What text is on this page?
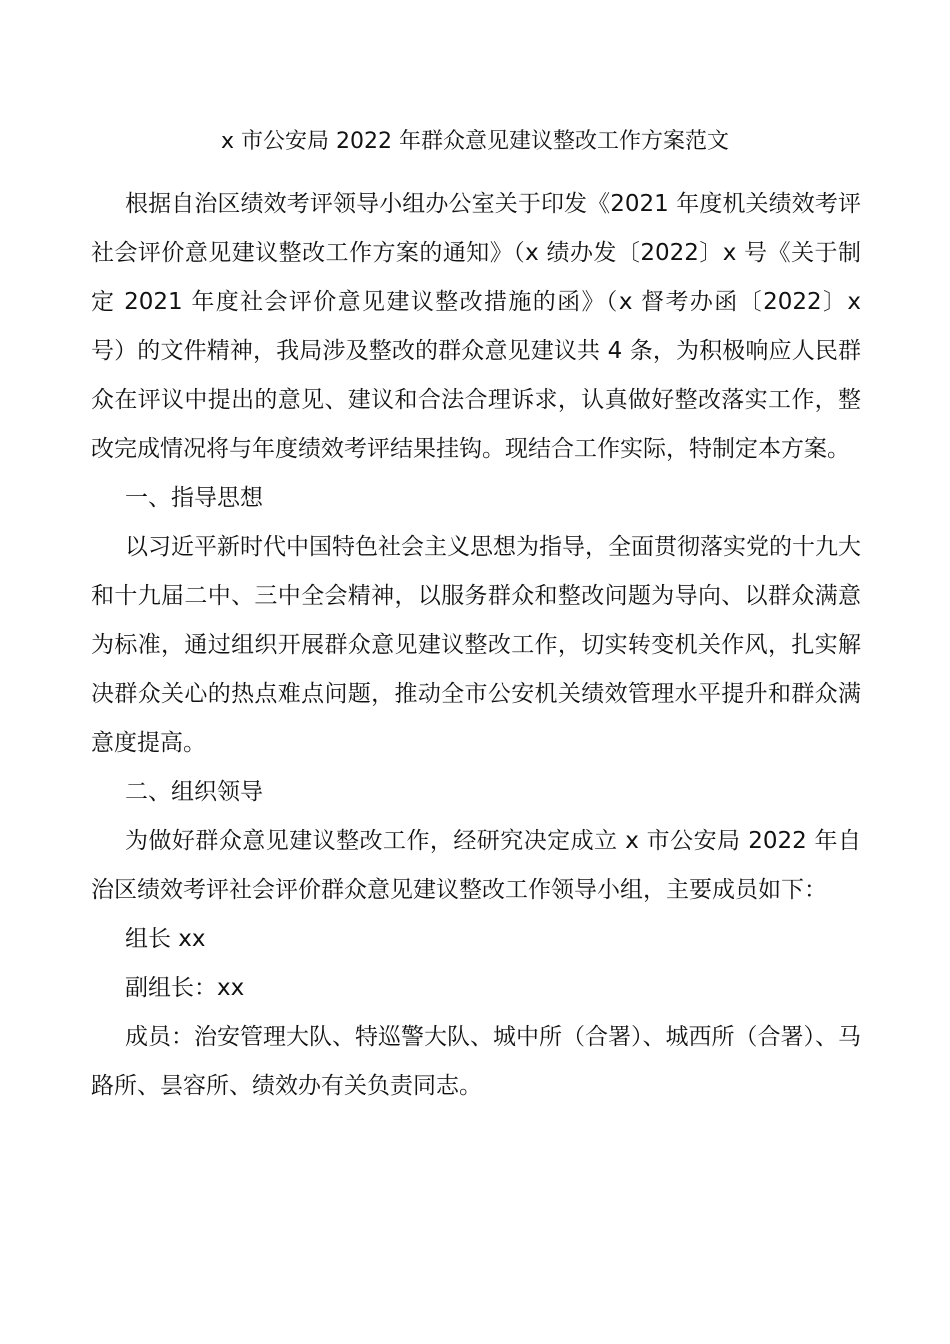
x 市公安局 2022 年群众意见建议整改工作方案范文

根据自治区绩效考评领导小组办公室关于印发《2021 年度机关绩效考评社会评价意见建议整改工作方案的通知》（x 绩办发〔2022〕x 号《关于制定 2021 年度社会评价意见建议整改措施的函》（x 督考办函〔2022〕x 号）的文件精神，我局涉及整改的群众意见建议共 4 条，为积极响应人民群众在评议中提出的意见、建议和合法合理诉求，认真做好整改落实工作，整改完成情况将与年度绩效考评结果挂钩。现结合工作实际，特制定本方案。

一、指导思想

以习近平新时代中国特色社会主义思想为指导，全面贯彻落实党的十九大和十九届二中、三中全会精神，以服务群众和整改问题为导向、以群众满意为标准，通过组织开展群众意见建议整改工作，切实转变机关作风，扎实解决群众关心的热点难点问题，推动全市公安机关绩效管理水平提升和群众满意度提高。

二、组织领导

为做好群众意见建议整改工作，经研究决定成立 x 市公安局 2022 年自治区绩效考评社会评价群众意见建议整改工作领导小组，主要成员如下：

组长 xx

副组长：xx

成员：治安管理大队、特巡警大队、城中所（合署）、城西所（合署）、马路所、昙容所、绩效办有关负责同志。
